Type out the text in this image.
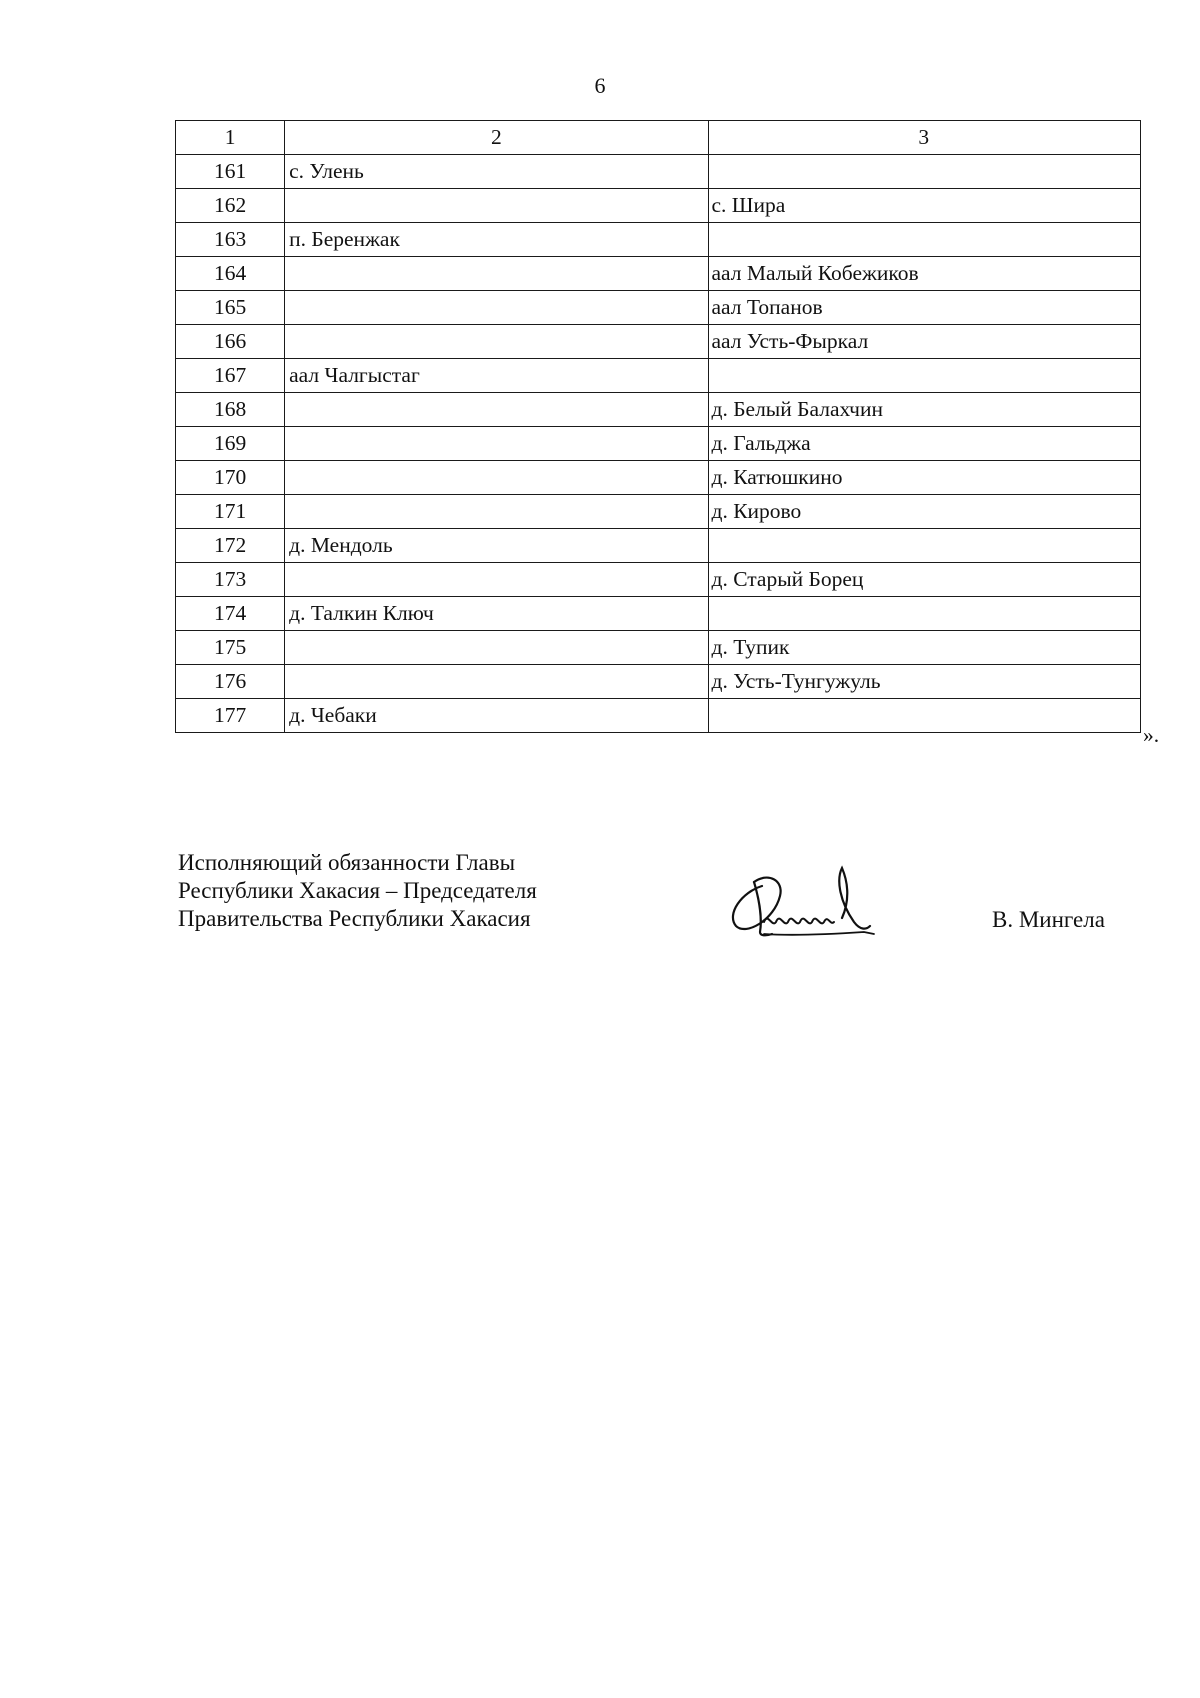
6
1	2	3
161	с. Улень	
162		с. Шира
163	п. Беренжак	
164		аал Малый Кобежиков
165		аал Топанов
166		аал Усть-Фыркал
167	аал Чалгыстаг	
168		д. Белый Балахчин
169		д. Гальджа
170		д. Катюшкино
171		д. Кирово
172	д. Мендоль	
173		д. Старый Борец
174	д. Талкин Ключ	
175		д. Тупик
176		д. Усть-Тунгужуль
177	д. Чебаки	
».
Исполняющий обязанности Главы
Республики Хакасия – Председателя
Правительства Республики Хакасия	В. Мингела
